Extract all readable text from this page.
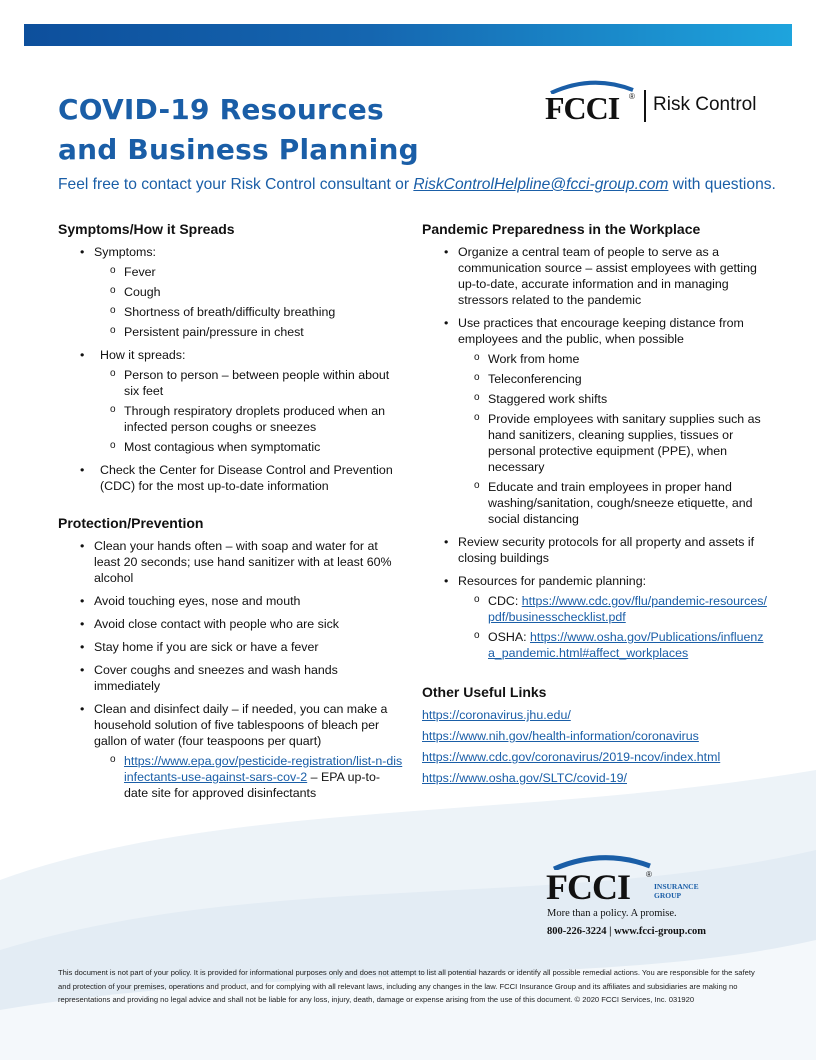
COVID-19 Resources
and Business Planning
FCCI ® Risk Control

Feel free to contact your Risk Control consultant or RiskControlHelpline@fcci-group.com with questions.

Symptoms/How it Spreads
• Symptoms:
o Fever
o Cough
o Shortness of breath/difficulty breathing
o Persistent pain/pressure in chest
• How it spreads:
o Person to person – between people within about six feet
o Through respiratory droplets produced when an infected person coughs or sneezes
o Most contagious when symptomatic
• Check the Center for Disease Control and Prevention (CDC) for the most up-to-date information
Protection/Prevention
• Clean your hands often – with soap and water for at least 20 seconds; use hand sanitizer with at least 60% alcohol
• Avoid touching eyes, nose and mouth
• Avoid close contact with people who are sick
• Stay home if you are sick or have a fever
• Cover coughs and sneezes and wash hands immediately
• Clean and disinfect daily – if needed, you can make a household solution of five tablespoons of bleach per gallon of water (four teaspoons per quart)
o https://www.epa.gov/pesticide-registration/list-n-disinfectants-use-against-sars-cov-2 – EPA up-to-date site for approved disinfectants
Pandemic Preparedness in the Workplace
• Organize a central team of people to serve as a communication source – assist employees with getting up-to-date, accurate information and in managing stressors related to the pandemic
• Use practices that encourage keeping distance from employees and the public, when possible
o Work from home
o Teleconferencing
o Staggered work shifts
o Provide employees with sanitary supplies such as hand sanitizers, cleaning supplies, tissues or personal protective equipment (PPE), when necessary
o Educate and train employees in proper hand washing/sanitation, cough/sneeze etiquette, and social distancing
• Review security protocols for all property and assets if closing buildings
• Resources for pandemic planning:
o CDC: https://www.cdc.gov/flu/pandemic-resources/pdf/businesschecklist.pdf
o OSHA: https://www.osha.gov/Publications/influenza_pandemic.html#affect_workplaces
Other Useful Links
https://coronavirus.jhu.edu/
https://www.nih.gov/health-information/coronavirus
https://www.cdc.gov/coronavirus/2019-ncov/index.html
https://www.osha.gov/SLTC/covid-19/
FCCI ®
INSURANCE
GROUP
More than a policy. A promise.
800-226-3224 | www.fcci-group.com

This document is not part of your policy. It is provided for informational purposes only and does not attempt to list all potential hazards or identify all possible remedial actions. You are responsible for the safety and protection of your premises, operations and product, and for complying with all relevant laws, including any changes in the law. FCCI Insurance Group and its affiliates and subsidiaries are making no representations and providing no legal advice and shall not be liable for any loss, injury, death, damage or expense arising from the use of this document. © 2020 FCCI Services, Inc. 031920
